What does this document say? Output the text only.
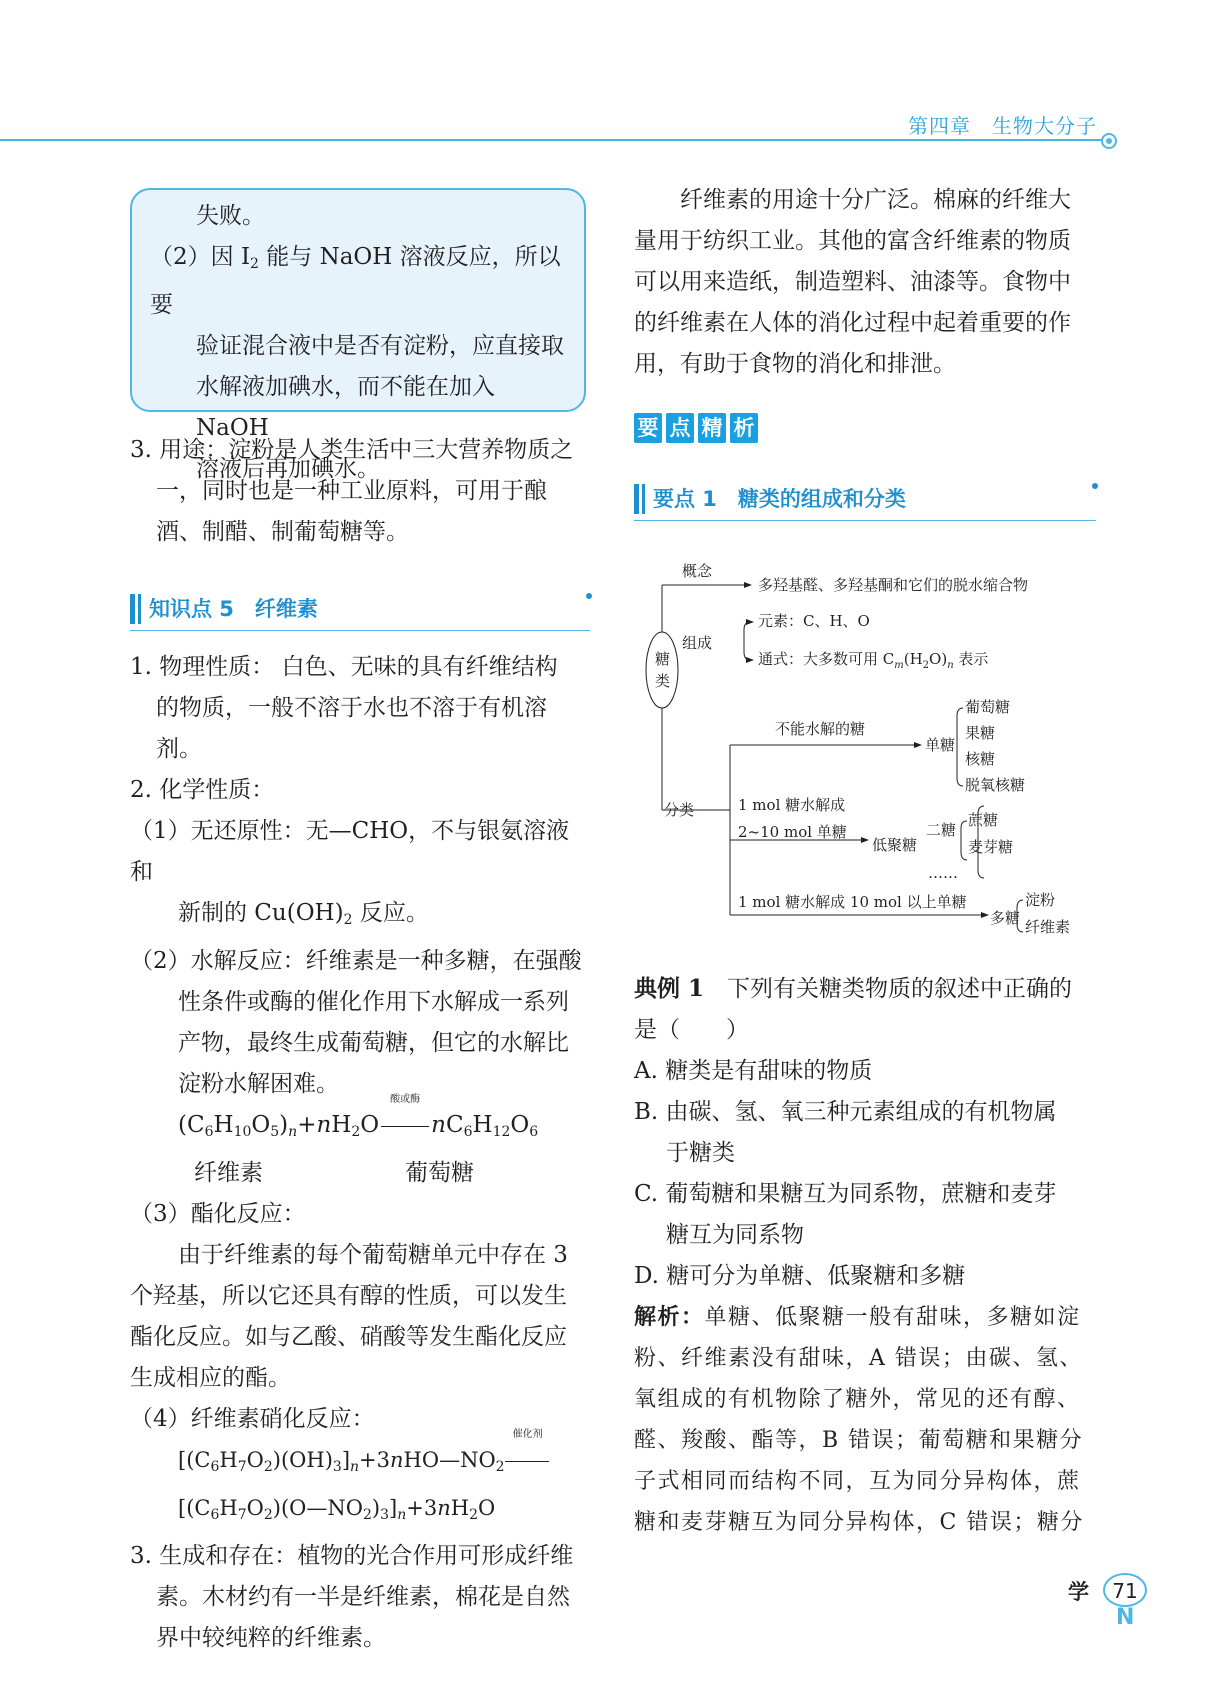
第四章　生物大分子
失败。
（2）因 $I_2$ 能与 NaOH 溶液反应，所以要
验证混合液中是否有淀粉，应直接取
水解液加碘水，而不能在加入 NaOH
溶液后再加碘水。
3. 用途：淀粉是人类生活中三大营养物质之
一，同时也是一种工业原料，可用于酿
酒、制醋、制葡萄糖等。
知识点 5　纤维素
1. 物理性质： 白色、无味的具有纤维结构
的物质，一般不溶于水也不溶于有机溶剂。
2. 化学性质：
（1）无还原性：无—CHO，不与银氨溶液和
新制的 $Cu(OH)_2$ 反应。
（2）水解反应：纤维素是一种多糖，在强酸
性条件或酶的催化作用下水解成一系列
产物，最终生成葡萄糖，但它的水解比
淀粉水解困难。
$(C_6H_{10}O_5)_n+nH_2O$
酸或酶
$nC_6H_{12}O_6$
纤维素	葡萄糖
（3）酯化反应：
由于纤维素的每个葡萄糖单元中存在 3
个羟基，所以它还具有醇的性质，可以发生
酯化反应。如与乙酸、硝酸等发生酯化反应
生成相应的酯。
（4）纤维素硝化反应：
$[(C_6H_7O_2)(OH)_3]_n+3nHO—NO_2$
催化剂
$[(C_6H_7O_2)(O—NO_2)_3]_n+3nH_2O$
3. 生成和存在：植物的光合作用可形成纤维
素。木材约有一半是纤维素，棉花是自然
界中较纯粹的纤维素。
纤维素的用途十分广泛。棉麻的纤维大
量用于纺织工业。其他的富含纤维素的物质
可以用来造纸，制造塑料、油漆等。食物中
的纤维素在人体的消化过程中起着重要的作
用，有助于食物的消化和排泄。
要 点 精 析
要点 1　糖类的组成和分类
糖
类
概念
多羟基醛、多羟基酮和它们的脱水缩合物
组成
元素：C、H、O
通式：大多数可用 $C_m(H_2O)_n$ 表示
分类
不能水解的糖
单糖
葡萄糖
果糖
核糖
脱氧核糖
1 mol 糖水解成
2~10 mol 单糖
低聚糖
二糖
蔗糖
麦芽糖
……
1 mol 糖水解成 10 mol 以上单糖
多糖
淀粉
纤维素
典例 1　下列有关糖类物质的叙述中正确的
是（　　）
A. 糖类是有甜味的物质
B. 由碳、氢、氧三种元素组成的有机物属
于糖类
C. 葡萄糖和果糖互为同系物，蔗糖和麦芽
糖互为同系物
D. 糖可分为单糖、低聚糖和多糖
解析：单糖、低聚糖一般有甜味，多糖如淀
粉、纤维素没有甜味，A 错误；由碳、氢、
氧组成的有机物除了糖外，常见的还有醇、
醛、羧酸、酯等，B 错误；葡萄糖和果糖分
子式相同而结构不同，互为同分异构体，蔗
糖和麦芽糖互为同分异构体，C 错误；糖分
学	71
N
